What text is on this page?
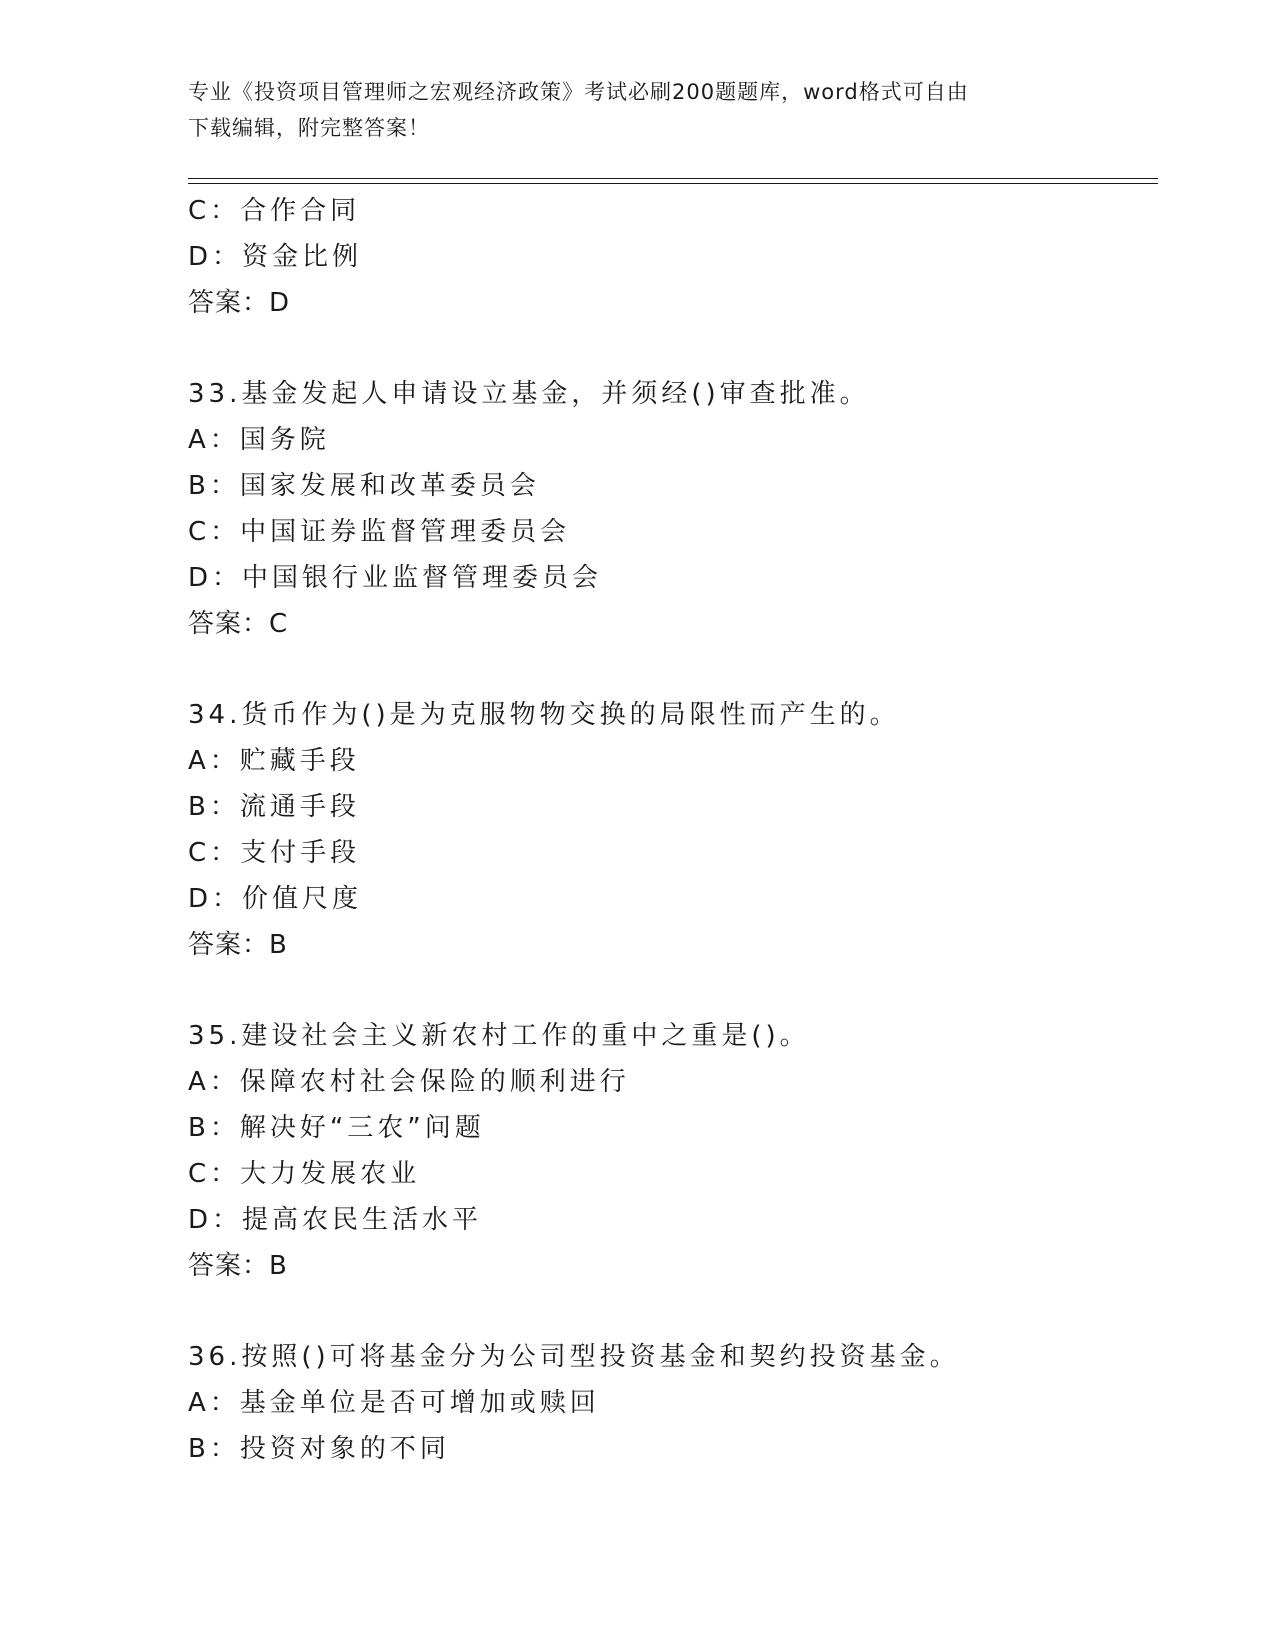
专业《投资项目管理师之宏观经济政策》考试必刷200题题库，word格式可自由
下载编辑，附完整答案！
C：合作合同
D：资金比例
答案：D
33.基金发起人申请设立基金，并须经()审查批准。
A：国务院
B：国家发展和改革委员会
C：中国证券监督管理委员会
D：中国银行业监督管理委员会
答案：C
34.货币作为()是为克服物物交换的局限性而产生的。
A：贮藏手段
B：流通手段
C：支付手段
D：价值尺度
答案：B
35.建设社会主义新农村工作的重中之重是()。
A：保障农村社会保险的顺利进行
B：解决好“三农”问题
C：大力发展农业
D：提高农民生活水平
答案：B
36.按照()可将基金分为公司型投资基金和契约投资基金。
A：基金单位是否可增加或赎回
B：投资对象的不同
